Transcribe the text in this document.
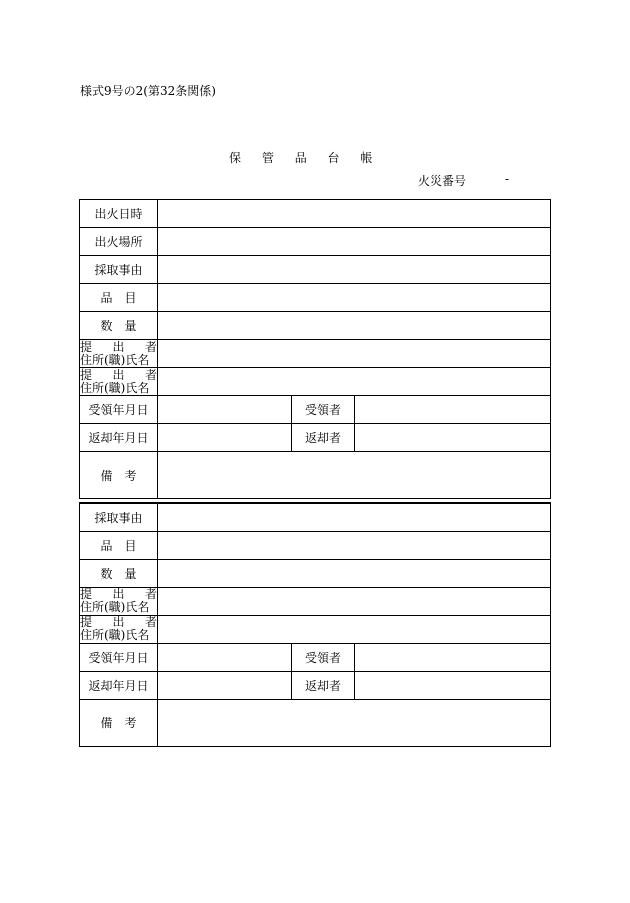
様式9号の2(第32条関係)
保 管 品 台 帳
火災番号	-
出火日時			
出火場所			
採取事由			
品　目			
数　量			

提 出 者
住所(職)氏名			

提 出 者
住所(職)氏名			

受領年月日		受領者	
返却年月日		返却者	
備　考			
採取事由			
品　目			
数　量			

提 出 者
住所(職)氏名			

提 出 者
住所(職)氏名			

受領年月日		受領者	
返却年月日		返却者	
備　考			
